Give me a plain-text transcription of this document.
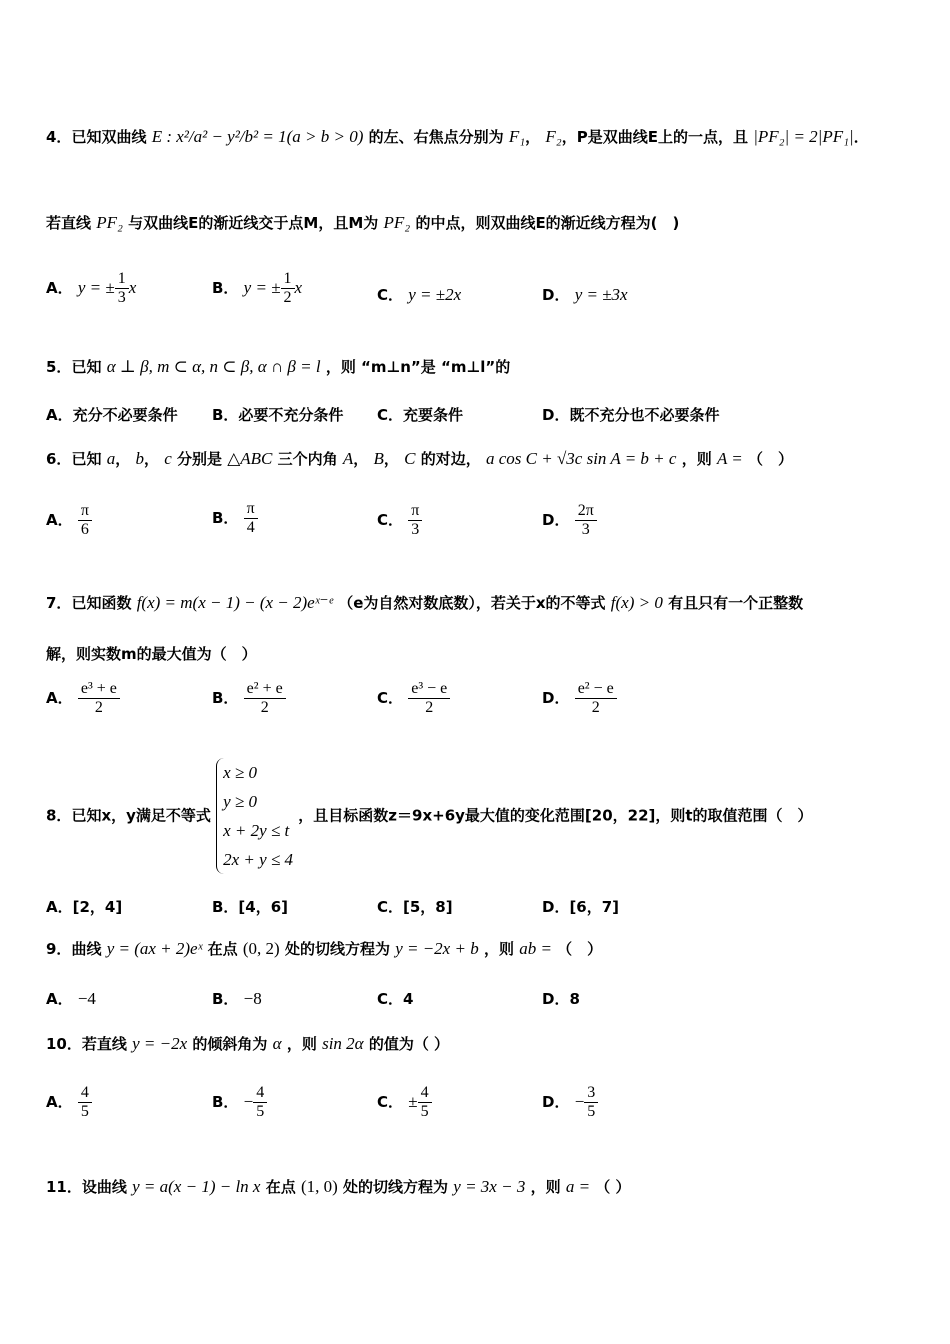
4．已知双曲线 E : x²/a² − y²/b² = 1(a > b > 0) 的左、右焦点分别为 F₁， F₂，P是双曲线E上的一点，且 |PF₂| = 2|PF₁|．
若直线 PF₂ 与双曲线E的渐近线交于点M，且M为 PF₂ 的中点，则双曲线E的渐近线方程为(　)
A． y = ± $\frac{1}{3}$ x	B． y = ± $\frac{1}{2}$ x	C． y = ±2x	D． y = ±3x
5．已知 α ⊥ β, m ⊂ α, n ⊂ β, α ∩ β = l ，则 “m⊥n”是 “m⊥l”的
A．充分不必要条件 B．必要不充分条件 C．充要条件	D．既不充分也不必要条件
6．已知 a， b， c 分别是 △ABC 三个内角 A， B， C 的对边， a cos C + √3c sin A = b + c ，则 A = （　）
A． $\frac{\pi}{6}$	B． $\frac{\pi}{4}$	C． $\frac{\pi}{3}$	D． $\frac{2\pi}{3}$
7．已知函数 f(x) = m(x − 1) − (x − 2)eˣ⁻ᵉ （e为自然对数底数），若关于x的不等式 f(x) > 0 有且只有一个正整数
解，则实数m的最大值为（　）
A． $\frac{\text{e³ + e}}{2}$	B． $\frac{\text{e² + e}}{2}$	C． $\frac{\text{e³ − e}}{2}$	D． $\frac{\text{e² − e}}{2}$
8．已知x，y满足不等式
x ≥ 0
y ≥ 0
x + 2y ≤ t
2x + y ≤ 4
，且目标函数z＝9x+6y最大值的变化范围[20，22]，则t的取值范围（　）
A．[2，4]	B．[4，6]	C．[5，8]	D．[6，7]
9．曲线 y = (ax + 2)eˣ 在点 (0, 2) 处的切线方程为 y = −2x + b ，则 ab = （　）
A． −4	B． −8	C．4	D．8
10．若直线 y = −2x 的倾斜角为 α ，则 sin 2α 的值为（ ）
A． $\frac{4}{5}$	B． − $\frac{4}{5}$	C． ± $\frac{4}{5}$	D． − $\frac{3}{5}$
11．设曲线 y = a(x − 1) − ln x 在点 (1, 0) 处的切线方程为 y = 3x − 3 ，则 a = （ ）
